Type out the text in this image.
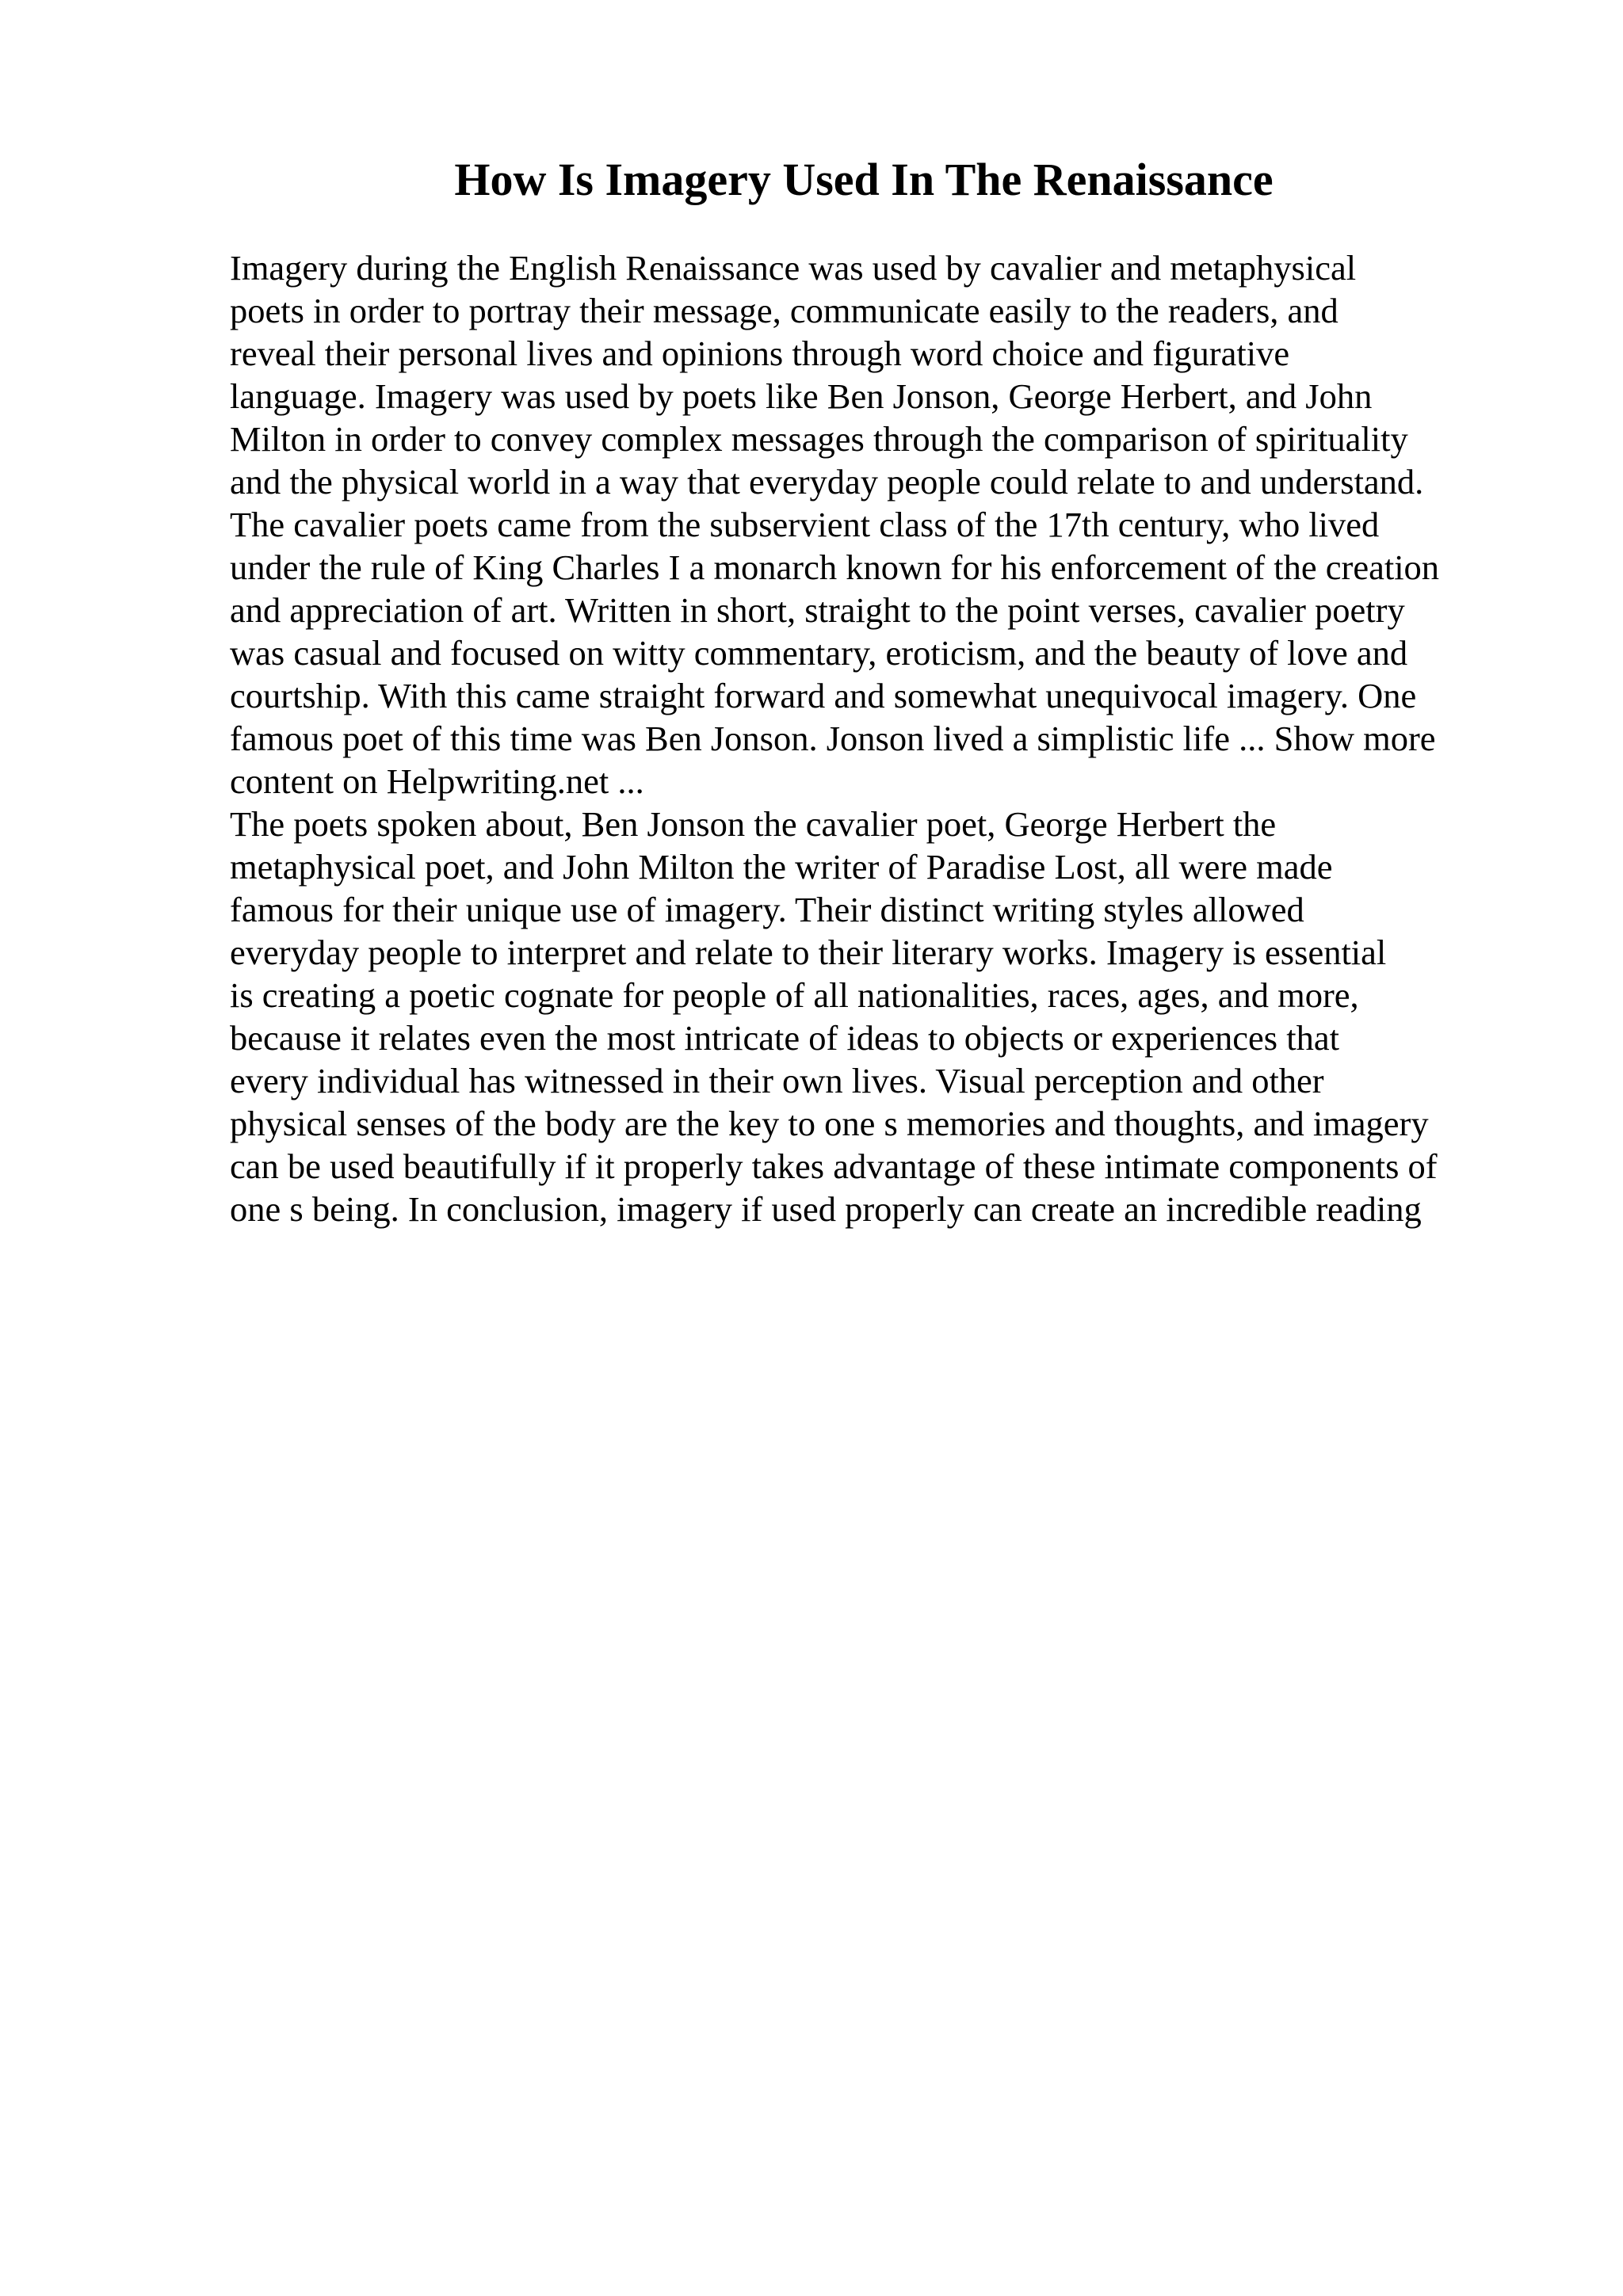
How Is Imagery Used In The Renaissance
Imagery during the English Renaissance was used by cavalier and metaphysical
poets in order to portray their message, communicate easily to the readers, and
reveal their personal lives and opinions through word choice and figurative
language. Imagery was used by poets like Ben Jonson, George Herbert, and John
Milton in order to convey complex messages through the comparison of spirituality
and the physical world in a way that everyday people could relate to and understand.
The cavalier poets came from the subservient class of the 17th century, who lived
under the rule of King Charles I a monarch known for his enforcement of the creation
and appreciation of art. Written in short, straight to the point verses, cavalier poetry
was casual and focused on witty commentary, eroticism, and the beauty of love and
courtship. With this came straight forward and somewhat unequivocal imagery. One
famous poet of this time was Ben Jonson. Jonson lived a simplistic life ... Show more
content on Helpwriting.net ...
The poets spoken about, Ben Jonson the cavalier poet, George Herbert the
metaphysical poet, and John Milton the writer of Paradise Lost, all were made
famous for their unique use of imagery. Their distinct writing styles allowed
everyday people to interpret and relate to their literary works. Imagery is essential
is creating a poetic cognate for people of all nationalities, races, ages, and more,
because it relates even the most intricate of ideas to objects or experiences that
every individual has witnessed in their own lives. Visual perception and other
physical senses of the body are the key to one s memories and thoughts, and imagery
can be used beautifully if it properly takes advantage of these intimate components of
one s being. In conclusion, imagery if used properly can create an incredible reading
